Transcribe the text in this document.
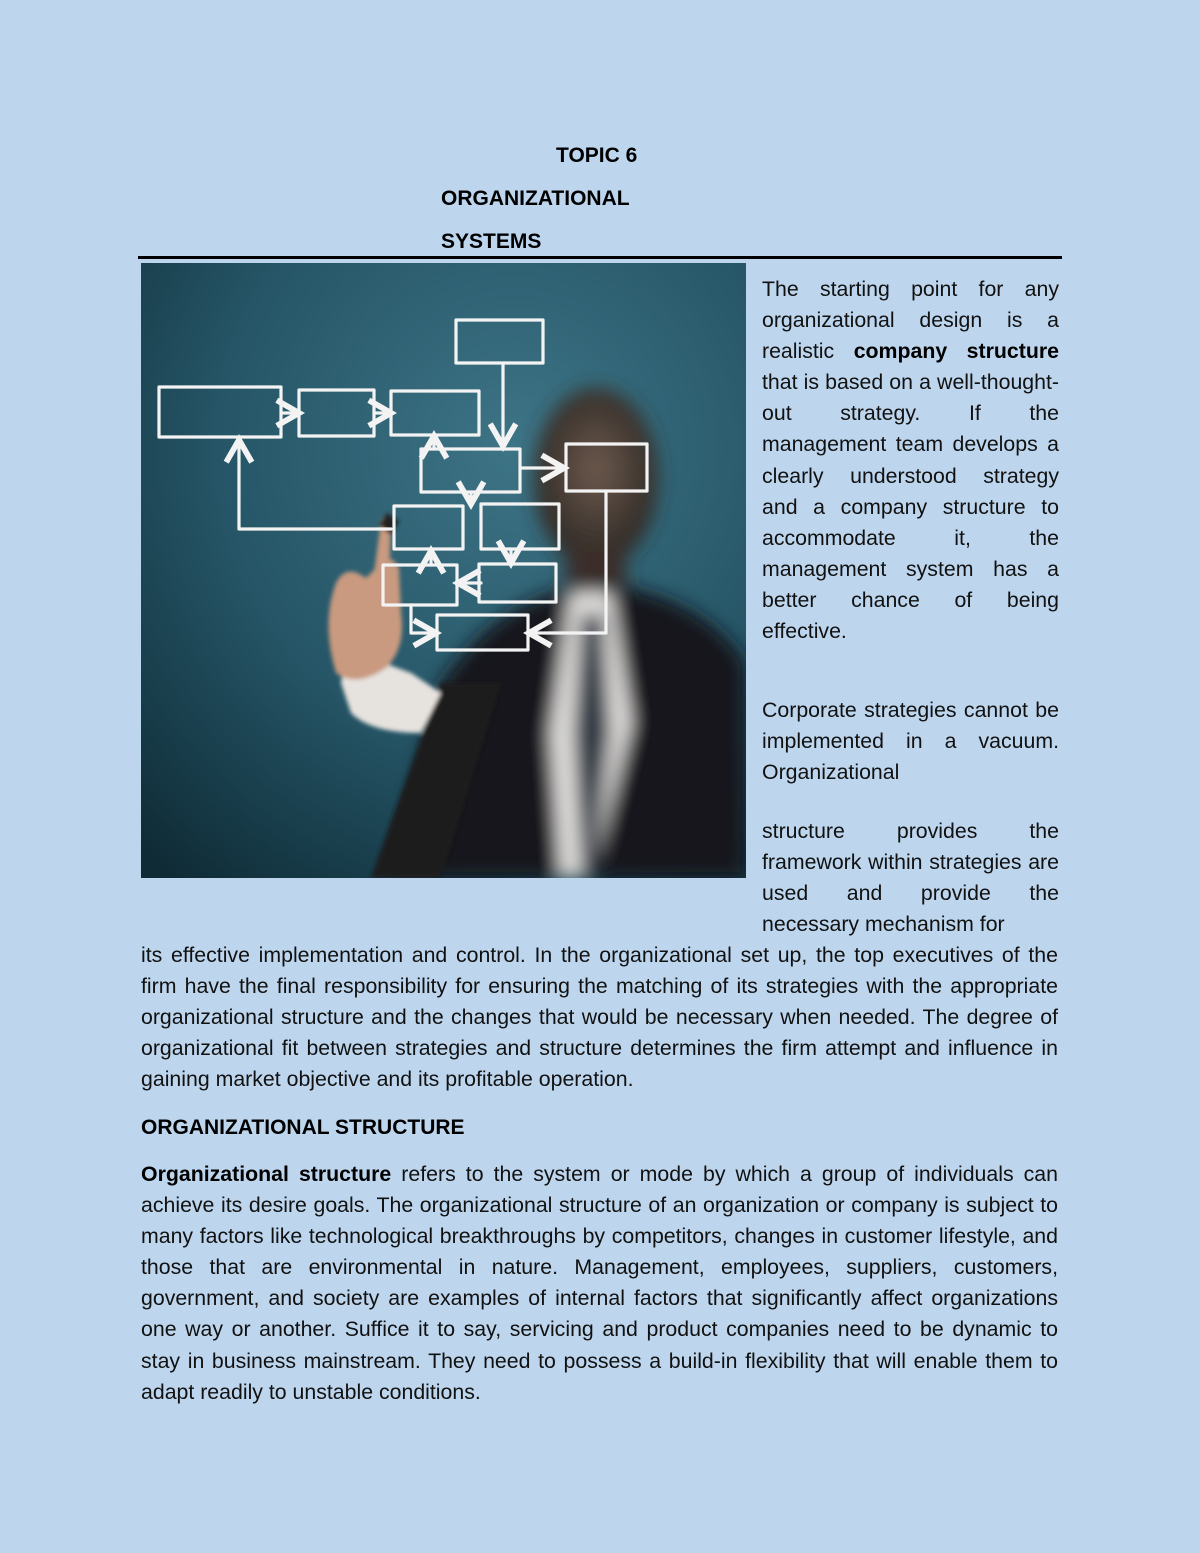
TOPIC 6
ORGANIZATIONAL
SYSTEMS

The starting point for any organizational design is a realistic company structure that is based on a well-thought- out strategy. If the management team develops a clearly understood strategy and a company structure to accommodate it, the management system has a better chance of being effective.

Corporate strategies cannot be implemented in a vacuum. Organizational

structure provides the framework within strategies are used and provide the necessary mechanism for

its effective implementation and control. In the organizational set up, the top executives of the firm have the final responsibility for ensuring the matching of its strategies with the appropriate organizational structure and the changes that would be necessary when needed. The degree of organizational fit between strategies and structure determines the firm attempt and influence in gaining market objective and its profitable operation.

ORGANIZATIONAL STRUCTURE

Organizational structure refers to the system or mode by which a group of individuals can achieve its desire goals. The organizational structure of an organization or company is subject to many factors like technological breakthroughs by competitors, changes in customer lifestyle, and those that are environmental in nature. Management, employees, suppliers, customers, government, and society are examples of internal factors that significantly affect organizations one way or another. Suffice it to say, servicing and product companies need to be dynamic to stay in business mainstream. They need to possess a build-in flexibility that will enable them to adapt readily to unstable conditions.
